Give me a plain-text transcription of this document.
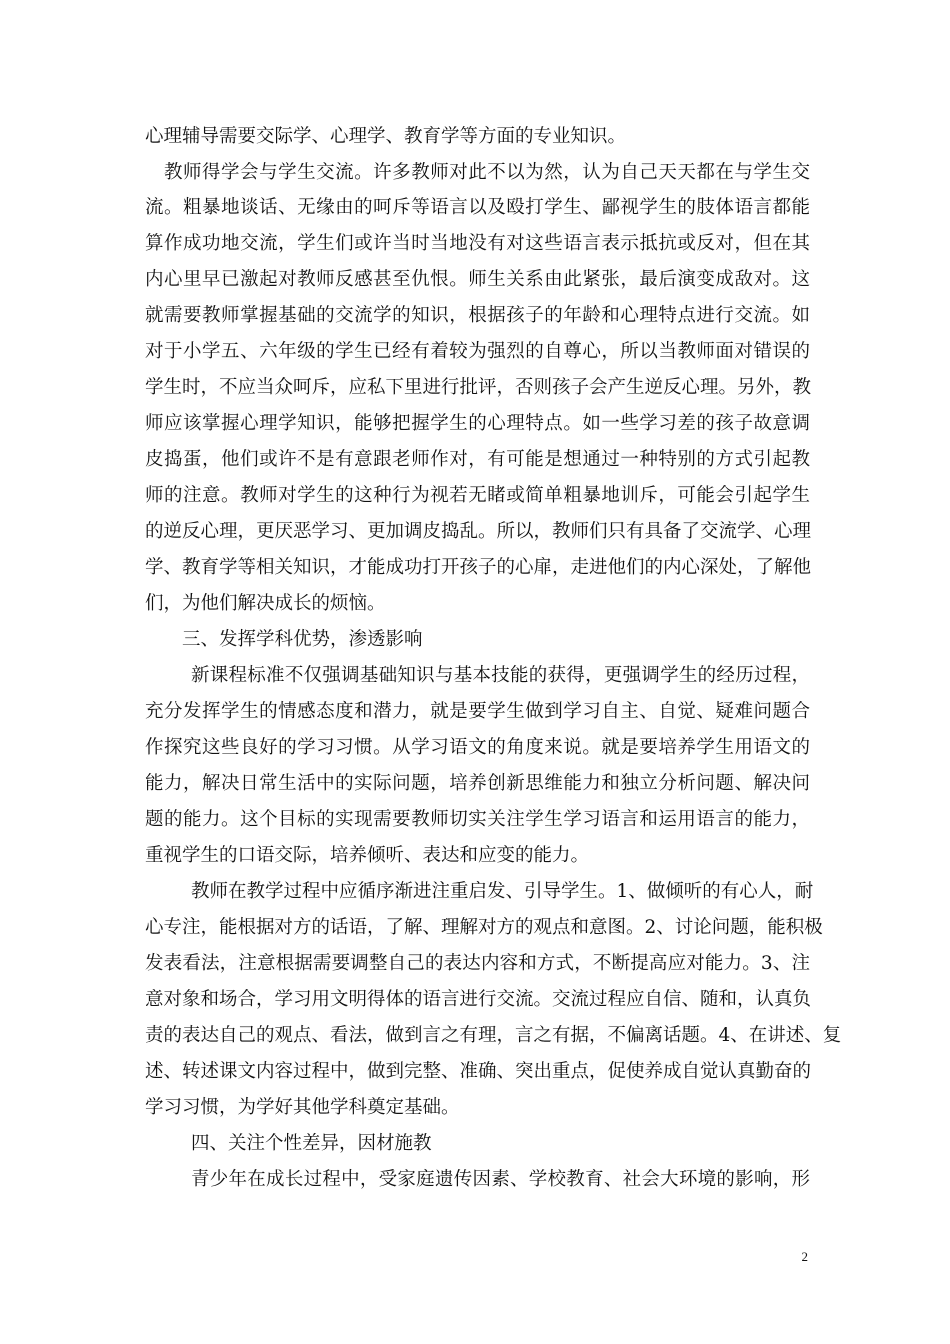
心理辅导需要交际学、心理学、教育学等方面的专业知识。
教师得学会与学生交流。许多教师对此不以为然，认为自己天天都在与学生交
流。粗暴地谈话、无缘由的呵斥等语言以及殴打学生、鄙视学生的肢体语言都能
算作成功地交流，学生们或许当时当地没有对这些语言表示抵抗或反对，但在其
内心里早已激起对教师反感甚至仇恨。师生关系由此紧张，最后演变成敌对。这
就需要教师掌握基础的交流学的知识，根据孩子的年龄和心理特点进行交流。如
对于小学五、六年级的学生已经有着较为强烈的自尊心，所以当教师面对错误的
学生时，不应当众呵斥，应私下里进行批评，否则孩子会产生逆反心理。另外，教
师应该掌握心理学知识，能够把握学生的心理特点。如一些学习差的孩子故意调
皮捣蛋，他们或许不是有意跟老师作对，有可能是想通过一种特别的方式引起教
师的注意。教师对学生的这种行为视若无睹或简单粗暴地训斥，可能会引起学生
的逆反心理，更厌恶学习、更加调皮捣乱。所以，教师们只有具备了交流学、心理
学、教育学等相关知识，才能成功打开孩子的心扉，走进他们的内心深处，了解他
们，为他们解决成长的烦恼。
三、发挥学科优势，渗透影响
新课程标准不仅强调基础知识与基本技能的获得，更强调学生的经历过程，
充分发挥学生的情感态度和潜力，就是要学生做到学习自主、自觉、疑难问题合
作探究这些良好的学习习惯。从学习语文的角度来说。就是要培养学生用语文的
能力，解决日常生活中的实际问题，培养创新思维能力和独立分析问题、解决问
题的能力。这个目标的实现需要教师切实关注学生学习语言和运用语言的能力，
重视学生的口语交际，培养倾听、表达和应变的能力。
教师在教学过程中应循序渐进注重启发、引导学生。1、做倾听的有心人，耐
心专注，能根据对方的话语，了解、理解对方的观点和意图。2、讨论问题，能积极
发表看法，注意根据需要调整自己的表达内容和方式，不断提高应对能力。3、注
意对象和场合，学习用文明得体的语言进行交流。交流过程应自信、随和，认真负
责的表达自己的观点、看法，做到言之有理，言之有据，不偏离话题。4、在讲述、复
述、转述课文内容过程中，做到完整、准确、突出重点，促使养成自觉认真勤奋的
学习习惯，为学好其他学科奠定基础。
四、关注个性差异，因材施教
青少年在成长过程中，受家庭遗传因素、学校教育、社会大环境的影响，形
2
